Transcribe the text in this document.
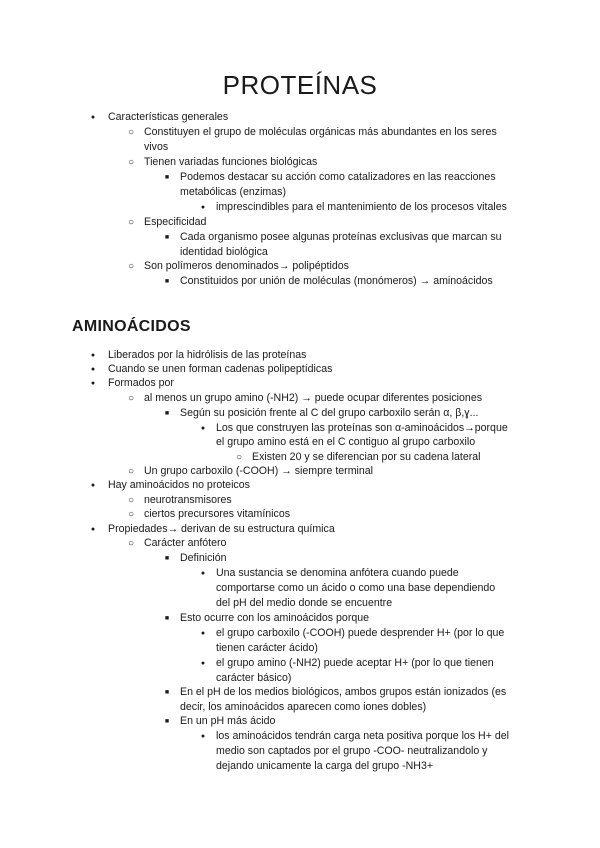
PROTEÍNAS
●
Características generales
○
Constituyen el grupo de moléculas orgánicas más abundantes en los seres
vivos
○
Tienen variadas funciones biológicas
■
Podemos destacar su acción como catalizadores en las reacciones
metabólicas (enzimas)
●
imprescindibles para el mantenimiento de los procesos vitales
○
Especificidad
■
Cada organismo posee algunas proteínas exclusivas que marcan su
identidad biológica
○
Son polímeros denominados→ polipéptidos
■
Constituidos por unión de moléculas (monómeros) → aminoácidos
AMINOÁCIDOS
●
Liberados por la hidrólisis de las proteínas
●
Cuando se unen forman cadenas polipeptídicas
●
Formados por
○
al menos un grupo amino (-NH2) → puede ocupar diferentes posiciones
■
Según su posición frente al C del grupo carboxilo serán α, β,ɣ...
●
Los que construyen las proteínas son α-aminoácidos→porque
el grupo amino está en el C contiguo al grupo carboxilo
○
Existen 20 y se diferencian por su cadena lateral
○
Un grupo carboxilo (-COOH) → siempre terminal
●
Hay aminoácidos no proteicos
○
neurotransmisores
○
ciertos precursores vitamínicos
●
Propiedades→ derivan de su estructura química
○
Carácter anfótero
■
Definición
●
Una sustancia se denomina anfótera cuando puede
comportarse como un ácido o como una base dependiendo
del pH del medio donde se encuentre
■
Esto ocurre con los aminoácidos porque
●
el grupo carboxilo (-COOH) puede desprender H+ (por lo que
tienen carácter ácido)
●
el grupo amino (-NH2) puede aceptar H+ (por lo que tienen
carácter básico)
■
En el pH de los medios biológicos, ambos grupos están ionizados (es
decir, los aminoácidos aparecen como iones dobles)
■
En un pH más ácido
●
los aminoácidos tendrán carga neta positiva porque los H+ del
medio son captados por el grupo -COO- neutralizandolo y
dejando unicamente la carga del grupo -NH3+
